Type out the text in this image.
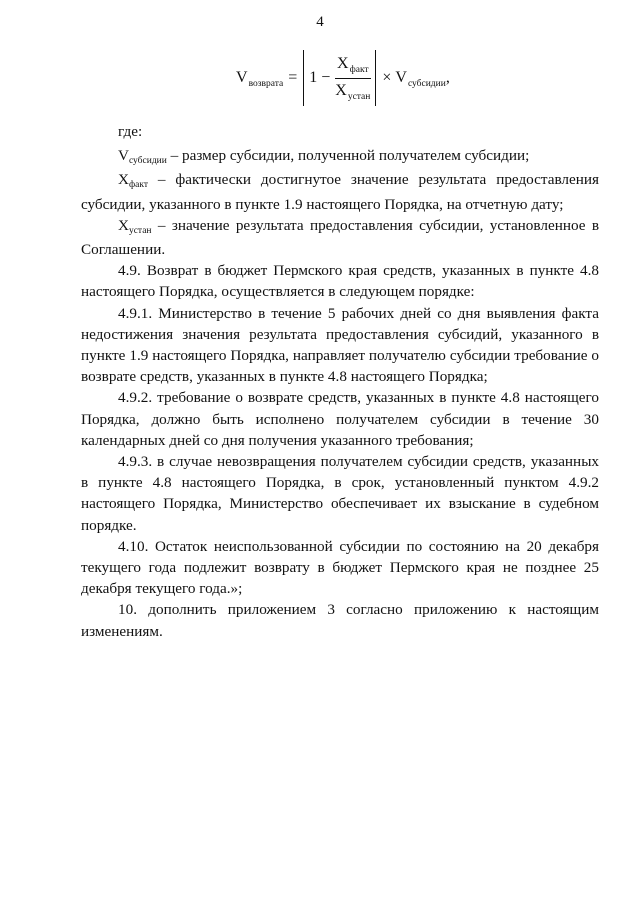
4
$V_{возврата} = 1 - \frac{X_{факт}}{X_{устан}} \times V_{субсидии}$ ,

где:

Vсубсидии – размер субсидии, полученной получателем субсидии;

Xфакт – фактически достигнутое значение результата предоставления субсидии, указанного в пункте 1.9 настоящего Порядка, на отчетную дату;

Xустан – значение результата предоставления субсидии, установленное в Соглашении.

4.9. Возврат в бюджет Пермского края средств, указанных в пункте 4.8 настоящего Порядка, осуществляется в следующем порядке:

4.9.1. Министерство в течение 5 рабочих дней со дня выявления факта недостижения значения результата предоставления субсидий, указанного в пункте 1.9 настоящего Порядка, направляет получателю субсидии требование о возврате средств, указанных в пункте 4.8 настоящего Порядка;

4.9.2. требование о возврате средств, указанных в пункте 4.8 настоящего Порядка, должно быть исполнено получателем субсидии в течение 30 календарных дней со дня получения указанного требования;

4.9.3. в случае невозвращения получателем субсидии средств, указанных в пункте 4.8 настоящего Порядка, в срок, установленный пунктом 4.9.2 настоящего Порядка, Министерство обеспечивает их взыскание в судебном порядке.

4.10. Остаток неиспользованной субсидии по состоянию на 20 декабря текущего года подлежит возврату в бюджет Пермского края не позднее 25 декабря текущего года.»;

10. дополнить приложением 3 согласно приложению к настоящим изменениям.
